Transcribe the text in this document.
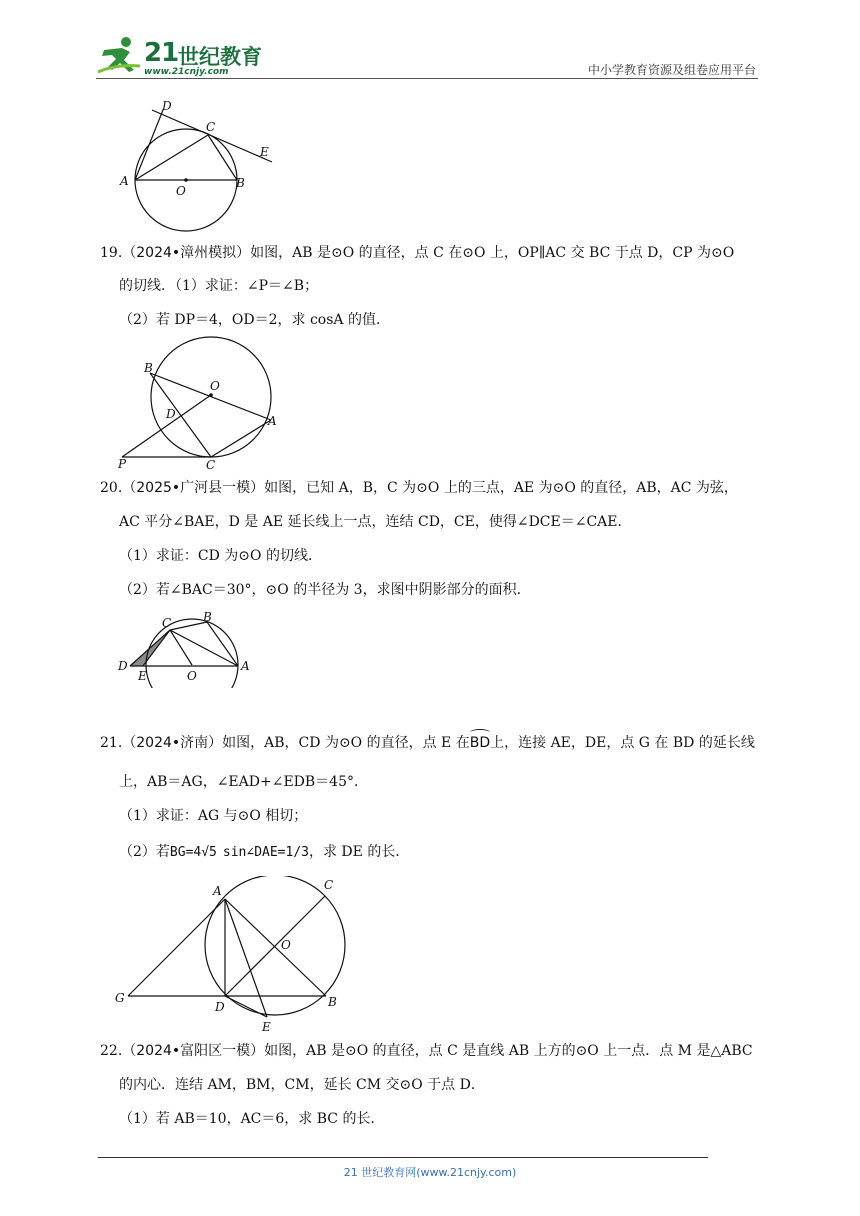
21 世纪教育
www.21cnjy.com	中小学教育资源及组卷应用平台
D
C
E
A
O
B
19.（2024•漳州模拟）如图，AB 是⊙O 的直径，点 C 在⊙O 上，OP∥AC 交 BC 于点 D，CP 为⊙O
的切线．（1）求证：∠P＝∠B；
（2）若 DP＝4，OD＝2，求 cosA 的值．
B
O
D	A
P	C
20.（2025•广河县一模）如图，已知 A，B，C 为⊙O 上的三点，AE 为⊙O 的直径，AB，AC 为弦，
AC 平分∠BAE，D 是 AE 延长线上一点，连结 CD，CE，使得∠DCE＝∠CAE．
（1）求证：CD 为⊙O 的切线．
（2）若∠BAC＝30°，⊙O 的半径为 3，求图中阴影部分的面积．
C	B
D	A
E	O
21.（2024•济南）如图，AB，CD 为⊙O 的直径，点 E 在
BD上，连接 AE，DE，点 G 在 BD 的延长线
上，AB＝AG，∠EAD+∠EDB＝45°．
（1）求证：AG 与⊙O 相切；
（2）若BG=4√5 sin∠DAE=1/3，求 DE 的长．
A	C
O
G
D	B
E
22.（2024•富阳区一模）如图，AB 是⊙O 的直径，点 C 是直线 AB 上方的⊙O 上一点．点 M 是△ABC
的内心．连结 AM，BM，CM，延长 CM 交⊙O 于点 D．
（1）若 AB＝10，AC＝6，求 BC 的长．
21 世纪教育网(www.21cnjy.com)
